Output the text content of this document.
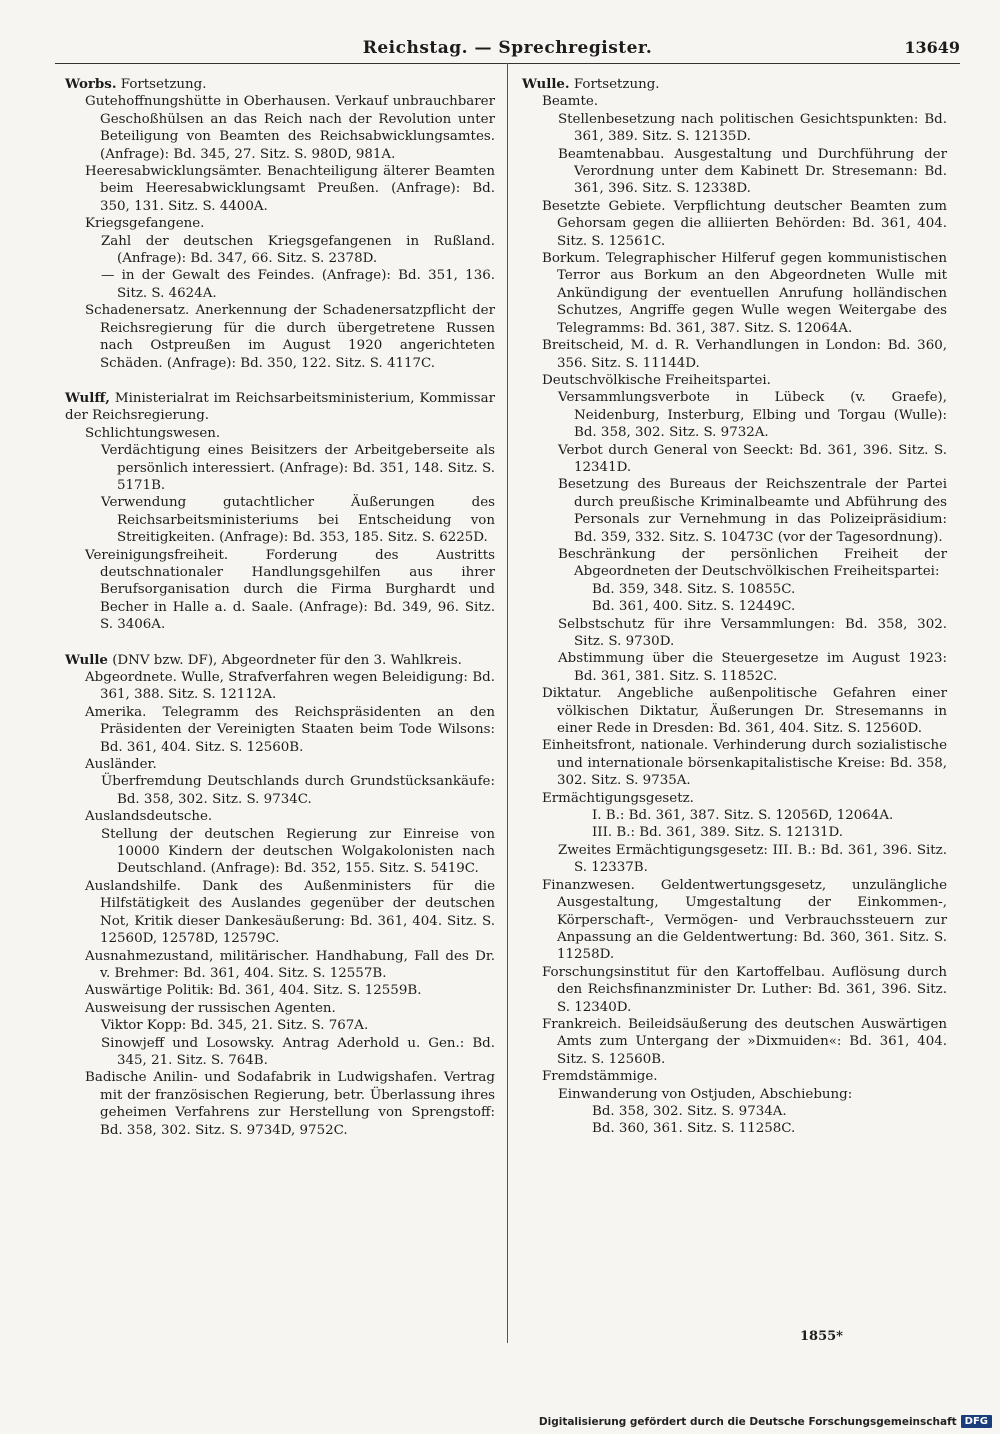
Reichstag. — Sprechregister.	13649

Worbs. Fortsetzung.

Gutehoffnungshütte in Oberhausen. Verkauf unbrauchbarer Geschoßhülsen an das Reich nach der Revolution unter Beteiligung von Beamten des Reichsabwicklungsamtes. (Anfrage): Bd. 345, 27. Sitz. S. 980D, 981A.

Heeresabwicklungsämter. Benachteiligung älterer Beamten beim Heeresabwicklungsamt Preußen. (Anfrage): Bd. 350, 131. Sitz. S. 4400A.

Kriegsgefangene.

Zahl der deutschen Kriegsgefangenen in Rußland. (Anfrage): Bd. 347, 66. Sitz. S. 2378D.

— in der Gewalt des Feindes. (Anfrage): Bd. 351, 136. Sitz. S. 4624A.

Schadenersatz. Anerkennung der Schadenersatzpflicht der Reichsregierung für die durch übergetretene Russen nach Ostpreußen im August 1920 angerichteten Schäden. (Anfrage): Bd. 350, 122. Sitz. S. 4117C.

Wulff, Ministerialrat im Reichsarbeitsministerium, Kommissar der Reichsregierung.

Schlichtungswesen.

Verdächtigung eines Beisitzers der Arbeitgeberseite als persönlich interessiert. (Anfrage): Bd. 351, 148. Sitz. S. 5171B.

Verwendung gutachtlicher Äußerungen des Reichsarbeitsministeriums bei Entscheidung von Streitigkeiten. (Anfrage): Bd. 353, 185. Sitz. S. 6225D.

Vereinigungsfreiheit. Forderung des Austritts deutschnationaler Handlungsgehilfen aus ihrer Berufsorganisation durch die Firma Burghardt und Becher in Halle a. d. Saale. (Anfrage): Bd. 349, 96. Sitz. S. 3406A.

Wulle (DNV bzw. DF), Abgeordneter für den 3. Wahlkreis.

Abgeordnete. Wulle, Strafverfahren wegen Beleidigung: Bd. 361, 388. Sitz. S. 12112A.

Amerika. Telegramm des Reichspräsidenten an den Präsidenten der Vereinigten Staaten beim Tode Wilsons: Bd. 361, 404. Sitz. S. 12560B.

Ausländer.

Überfremdung Deutschlands durch Grundstücksankäufe: Bd. 358, 302. Sitz. S. 9734C.

Auslandsdeutsche.

Stellung der deutschen Regierung zur Einreise von 10000 Kindern der deutschen Wolgakolonisten nach Deutschland. (Anfrage): Bd. 352, 155. Sitz. S. 5419C.

Auslandshilfe. Dank des Außenministers für die Hilfstätigkeit des Auslandes gegenüber der deutschen Not, Kritik dieser Dankesäußerung: Bd. 361, 404. Sitz. S. 12560D, 12578D, 12579C.

Ausnahmezustand, militärischer. Handhabung, Fall des Dr. v. Brehmer: Bd. 361, 404. Sitz. S. 12557B.

Auswärtige Politik: Bd. 361, 404. Sitz. S. 12559B.

Ausweisung der russischen Agenten.

Viktor Kopp: Bd. 345, 21. Sitz. S. 767A.

Sinowjeff und Losowsky. Antrag Aderhold u. Gen.: Bd. 345, 21. Sitz. S. 764B.

Badische Anilin- und Sodafabrik in Ludwigshafen. Vertrag mit der französischen Regierung, betr. Überlassung ihres geheimen Verfahrens zur Herstellung von Sprengstoff: Bd. 358, 302. Sitz. S. 9734D, 9752C.

Wulle. Fortsetzung.

Beamte.

Stellenbesetzung nach politischen Gesichtspunkten: Bd. 361, 389. Sitz. S. 12135D.

Beamtenabbau. Ausgestaltung und Durchführung der Verordnung unter dem Kabinett Dr. Stresemann: Bd. 361, 396. Sitz. S. 12338D.

Besetzte Gebiete. Verpflichtung deutscher Beamten zum Gehorsam gegen die alliierten Behörden: Bd. 361, 404. Sitz. S. 12561C.

Borkum. Telegraphischer Hilferuf gegen kommunistischen Terror aus Borkum an den Abgeordneten Wulle mit Ankündigung der eventuellen Anrufung holländischen Schutzes, Angriffe gegen Wulle wegen Weitergabe des Telegramms: Bd. 361, 387. Sitz. S. 12064A.

Breitscheid, M. d. R. Verhandlungen in London: Bd. 360, 356. Sitz. S. 11144D.

Deutschvölkische Freiheitspartei.

Versammlungsverbote in Lübeck (v. Graefe), Neidenburg, Insterburg, Elbing und Torgau (Wulle): Bd. 358, 302. Sitz. S. 9732A.

Verbot durch General von Seeckt: Bd. 361, 396. Sitz. S. 12341D.

Besetzung des Bureaus der Reichszentrale der Partei durch preußische Kriminalbeamte und Abführung des Personals zur Vernehmung in das Polizeipräsidium: Bd. 359, 332. Sitz. S. 10473C (vor der Tagesordnung).

Beschränkung der persönlichen Freiheit der Abgeordneten der Deutschvölkischen Freiheitspartei:

Bd. 359, 348. Sitz. S. 10855C.

Bd. 361, 400. Sitz. S. 12449C.

Selbstschutz für ihre Versammlungen: Bd. 358, 302. Sitz. S. 9730D.

Abstimmung über die Steuergesetze im August 1923: Bd. 361, 381. Sitz. S. 11852C.

Diktatur. Angebliche außenpolitische Gefahren einer völkischen Diktatur, Äußerungen Dr. Stresemanns in einer Rede in Dresden: Bd. 361, 404. Sitz. S. 12560D.

Einheitsfront, nationale. Verhinderung durch sozialistische und internationale börsenkapitalistische Kreise: Bd. 358, 302. Sitz. S. 9735A.

Ermächtigungsgesetz.

I. B.: Bd. 361, 387. Sitz. S. 12056D, 12064A.

III. B.: Bd. 361, 389. Sitz. S. 12131D.

Zweites Ermächtigungsgesetz: III. B.: Bd. 361, 396. Sitz. S. 12337B.

Finanzwesen. Geldentwertungsgesetz, unzulängliche Ausgestaltung, Umgestaltung der Einkommen-, Körperschaft-, Vermögen- und Verbrauchssteuern zur Anpassung an die Geldentwertung: Bd. 360, 361. Sitz. S. 11258D.

Forschungsinstitut für den Kartoffelbau. Auflösung durch den Reichsfinanzminister Dr. Luther: Bd. 361, 396. Sitz. S. 12340D.

Frankreich. Beileidsäußerung des deutschen Auswärtigen Amts zum Untergang der »Dixmuiden«: Bd. 361, 404. Sitz. S. 12560B.

Fremdstämmige.

Einwanderung von Ostjuden, Abschiebung:

Bd. 358, 302. Sitz. S. 9734A.

Bd. 360, 361. Sitz. S. 11258C.

1855*
Digitalisierung gefördert durch die Deutsche Forschungsgemeinschaft DFG
